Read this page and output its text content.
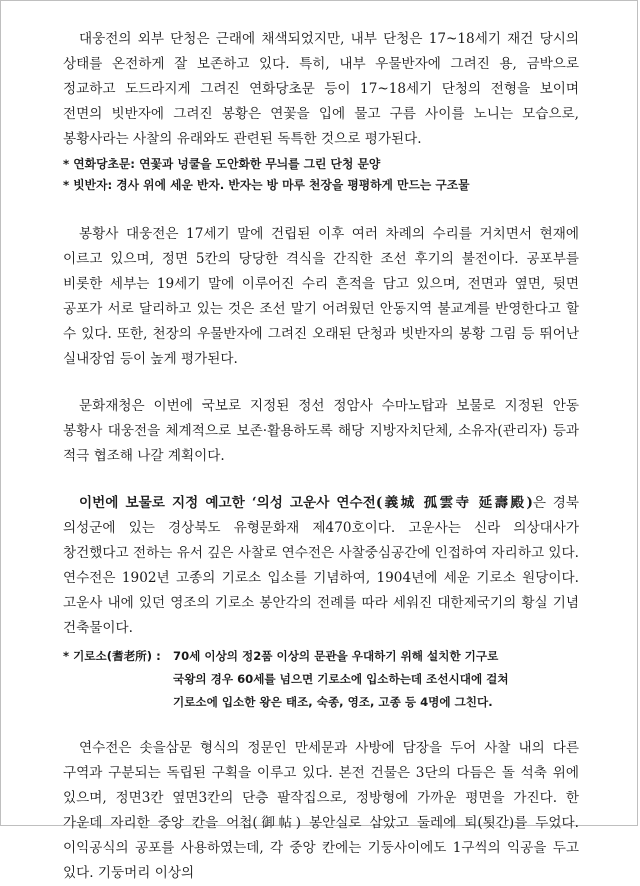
대웅전의 외부 단청은 근래에 채색되었지만, 내부 단청은 17~18세기 재건 당시의 상태를 온전하게 잘 보존하고 있다. 특히, 내부 우물반자에 그려진 용, 금박으로 정교하고 도드라지게 그려진 연화당초문 등이 17~18세기 단청의 전형을 보이며 전면의 빗반자에 그려진 봉황은 연꽃을 입에 물고 구름 사이를 노니는 모습으로, 봉황사라는 사찰의 유래와도 관련된 독특한 것으로 평가된다.

* 연화당초문: 연꽃과 넝쿨을 도안화한 무늬를 그린 단청 문양

* 빗반자: 경사 위에 세운 반자. 반자는 방 마루 천장을 평평하게 만드는 구조물

봉황사 대웅전은 17세기 말에 건립된 이후 여러 차례의 수리를 거치면서 현재에 이르고 있으며, 정면 5칸의 당당한 격식을 간직한 조선 후기의 불전이다. 공포부를 비롯한 세부는 19세기 말에 이루어진 수리 흔적을 담고 있으며, 전면과 옆면, 뒷면 공포가 서로 달리하고 있는 것은 조선 말기 어려웠던 안동지역 불교계를 반영한다고 할 수 있다. 또한, 천장의 우물반자에 그려진 오래된 단청과 빗반자의 봉황 그림 등 뛰어난 실내장엄 등이 높게 평가된다.

문화재청은 이번에 국보로 지정된 정선 정암사 수마노탑과 보물로 지정된 안동 봉황사 대웅전을 체계적으로 보존·활용하도록 해당 지방자치단체, 소유자(관리자) 등과 적극 협조해 나갈 계획이다.

이번에 보물로 지정 예고한 ‘의성 고운사 연수전(義城 孤雲寺 延壽殿)은 경북 의성군에 있는 경상북도 유형문화재 제470호이다. 고운사는 신라 의상대사가 창건했다고 전하는 유서 깊은 사찰로 연수전은 사찰중심공간에 인접하여 자리하고 있다. 연수전은 1902년 고종의 기로소 입소를 기념하여, 1904년에 세운 기로소 원당이다. 고운사 내에 있던 영조의 기로소 봉안각의 전례를 따라 세워진 대한제국기의 황실 기념 건축물이다.

* 기로소(耆老所) :	70세 이상의 정2품 이상의 문관을 우대하기 위해 설치한 기구로
국왕의 경우 60세를 넘으면 기로소에 입소하는데 조선시대에 걸쳐
기로소에 입소한 왕은 태조, 숙종, 영조, 고종 등 4명에 그친다.

연수전은 솟을삼문 형식의 정문인 만세문과 사방에 담장을 두어 사찰 내의 다른 구역과 구분되는 독립된 구획을 이루고 있다. 본전 건물은 3단의 다듬은 돌 석축 위에 있으며, 정면3칸 옆면3칸의 단층 팔작집으로, 정방형에 가까운 평면을 가진다. 한 가운데 자리한 중앙 칸을 어첩(御帖) 봉안실로 삼았고 둘레에 퇴(툇간)를 두었다. 이익공식의 공포를 사용하였는데, 각 중앙 칸에는 기둥사이에도 1구씩의 익공을 두고 있다. 기둥머리 이상의
